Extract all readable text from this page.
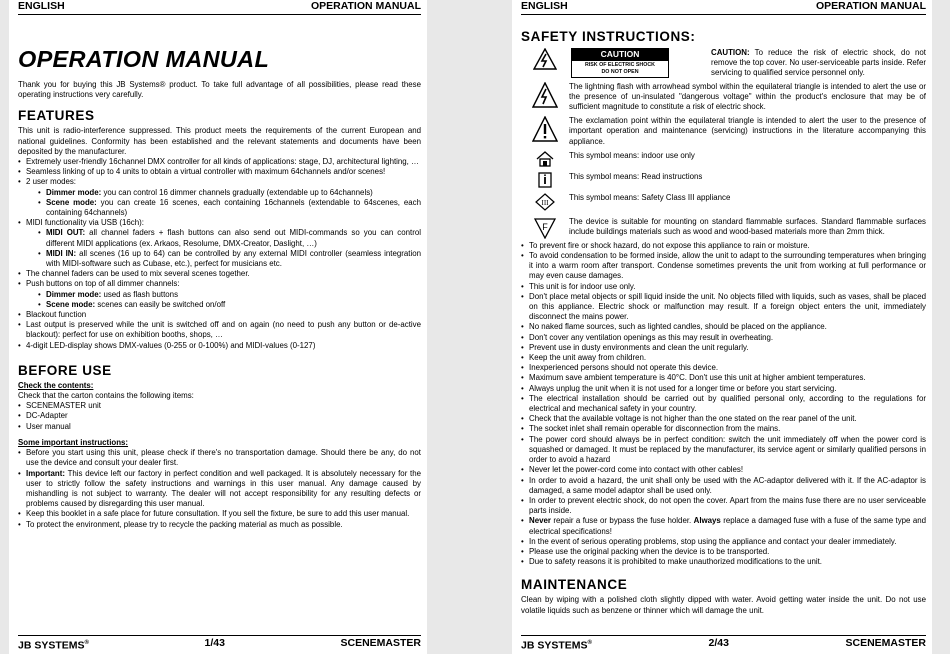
ENGLISH	OPERATION MANUAL
OPERATION MANUAL

Thank you for buying this JB Systems® product. To take full advantage of all possibilities, please read these operating instructions very carefully.

FEATURES

This unit is radio-interference suppressed. This product meets the requirements of the current European and national guidelines. Conformity has been established and the relevant statements and documents have been deposited by the manufacturer.

• Extremely user-friendly 16channel DMX controller for all kinds of applications: stage, DJ, architectural lighting, …
• Seamless linking of up to 4 units to obtain a virtual controller with maximum 64channels and/or scenes!
• 2 user modes:
• Dimmer mode: you can control 16 dimmer channels gradually (extendable up to 64channels)
• Scene mode: you can create 16 scenes, each containing 16channels (extendable to 64scenes, each containing 64channels)
• MIDI functionality via USB (16ch):
• MIDI OUT: all channel faders + flash buttons can also send out MIDI-commands so you can control different MIDI applications (ex. Arkaos, Resolume, DMX-Creator, Daslight, …)
• MIDI IN: all scenes (16 up to 64) can be controlled by any external MIDI controller (seamless integration with MIDI-software such as Cubase, etc.), perfect for musicians etc.
• The channel faders can be used to mix several scenes together.
• Push buttons on top of all dimmer channels:
• Dimmer mode: used as flash buttons
• Scene mode: scenes can easily be switched on/off
• Blackout function
• Last output is preserved while the unit is switched off and on again (no need to push any button or de-active blackout): perfect for use on exhibition booths, shops, …
• 4-digit LED-display shows DMX-values (0-255 or 0-100%) and MIDI-values (0-127)
BEFORE USE
Check the contents:

Check that the carton contains the following items:

• SCENEMASTER unit
• DC-Adapter
• User manual
Some important instructions:
• Before you start using this unit, please check if there's no transportation damage. Should there be any, do not use the device and consult your dealer first.
• Important: This device left our factory in perfect condition and well packaged. It is absolutely necessary for the user to strictly follow the safety instructions and warnings in this user manual. Any damage caused by mishandling is not subject to warranty. The dealer will not accept responsibility for any resulting defects or problems caused by disregarding this user manual.
• Keep this booklet in a safe place for future consultation. If you sell the fixture, be sure to add this user manual.
• To protect the environment, please try to recycle the packing material as much as possible.
JB SYSTEMS®	1/43	SCENEMASTER
ENGLISH	OPERATION MANUAL
SAFETY INSTRUCTIONS:
CAUTION
RISK OF ELECTRIC SHOCK
DO NOT OPEN
CAUTION: To reduce the risk of electric shock, do not remove the top cover. No user-serviceable parts inside. Refer servicing to qualified service personnel only.
The lightning flash with arrowhead symbol within the equilateral triangle is intended to alert the use or the presence of un-insulated "dangerous voltage" within the product's enclosure that may be of sufficient magnitude to constitute a risk of electric shock.
The exclamation point within the equilateral triangle is intended to alert the user to the presence of important operation and maintenance (servicing) instructions in the literature accompanying this appliance.
This symbol means: indoor use only
This symbol means: Read instructions
III
This symbol means: Safety Class III appliance
F
The device is suitable for mounting on standard flammable surfaces. Standard flammable surfaces include buildings materials such as wood and wood-based materials more than 2mm thick.
• To prevent fire or shock hazard, do not expose this appliance to rain or moisture.
• To avoid condensation to be formed inside, allow the unit to adapt to the surrounding temperatures when bringing it into a warm room after transport. Condense sometimes prevents the unit from working at full performance or may even cause damages.
• This unit is for indoor use only.
• Don't place metal objects or spill liquid inside the unit. No objects filled with liquids, such as vases, shall be placed on this appliance. Electric shock or malfunction may result. If a foreign object enters the unit, immediately disconnect the mains power.
• No naked flame sources, such as lighted candles, should be placed on the appliance.
• Don't cover any ventilation openings as this may result in overheating.
• Prevent use in dusty environments and clean the unit regularly.
• Keep the unit away from children.
• Inexperienced persons should not operate this device.
• Maximum save ambient temperature is 40°C. Don't use this unit at higher ambient temperatures.
• Always unplug the unit when it is not used for a longer time or before you start servicing.
• The electrical installation should be carried out by qualified personal only, according to the regulations for electrical and mechanical safety in your country.
• Check that the available voltage is not higher than the one stated on the rear panel of the unit.
• The socket inlet shall remain operable for disconnection from the mains.
• The power cord should always be in perfect condition: switch the unit immediately off when the power cord is squashed or damaged. It must be replaced by the manufacturer, its service agent or similarly qualified persons in order to avoid a hazard
• Never let the power-cord come into contact with other cables!
• In order to avoid a hazard, the unit shall only be used with the AC-adaptor delivered with it. If the AC-adaptor is damaged, a same model adaptor shall be used only.
• In order to prevent electric shock, do not open the cover. Apart from the mains fuse there are no user serviceable parts inside.
• Never repair a fuse or bypass the fuse holder. Always replace a damaged fuse with a fuse of the same type and electrical specifications!
• In the event of serious operating problems, stop using the appliance and contact your dealer immediately.
• Please use the original packing when the device is to be transported.
• Due to safety reasons it is prohibited to make unauthorized modifications to the unit.
MAINTENANCE

Clean by wiping with a polished cloth slightly dipped with water. Avoid getting water inside the unit. Do not use volatile liquids such as benzene or thinner which will damage the unit.

JB SYSTEMS®	2/43	SCENEMASTER
